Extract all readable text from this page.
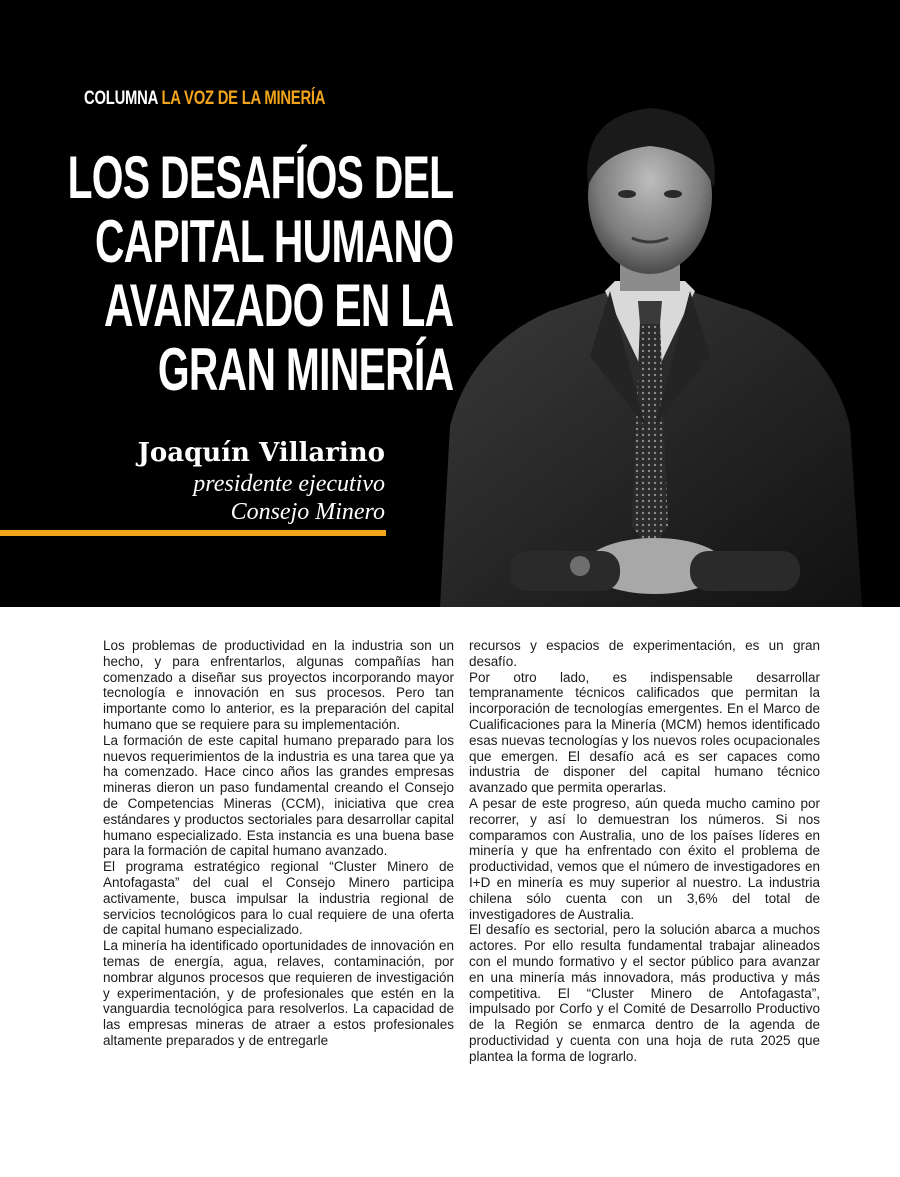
COLUMNA LA VOZ DE LA MINERÍA
LOS DESAFÍOS DEL
CAPITAL HUMANO
AVANZADO EN LA
GRAN MINERÍA
Joaquín Villarino
presidente ejecutivo
Consejo Minero

Los problemas de productividad en la industria son un hecho, y para enfrentarlos, algunas compañías han comenzado a diseñar sus proyectos incorporando mayor tecnología e innovación en sus procesos. Pero tan importante como lo anterior, es la preparación del capital humano que se requiere para su implementación.

La formación de este capital humano preparado para los nuevos requerimientos de la industria es una tarea que ya ha comenzado. Hace cinco años las grandes empresas mineras dieron un paso fundamental creando el Consejo de Competencias Mineras (CCM), iniciativa que crea estándares y productos sectoriales para desarrollar capital humano especializado. Esta instancia es una buena base para la formación de capital humano avanzado.

El programa estratégico regional “Cluster Minero de Antofagasta” del cual el Consejo Minero participa activamente, busca impulsar la industria regional de servicios tecnológicos para lo cual requiere de una oferta de capital humano especializado.

La minería ha identificado oportunidades de innovación en temas de energía, agua, relaves, contaminación, por nombrar algunos procesos que requieren de investigación y experimentación, y de profesionales que estén en la vanguardia tecnológica para resolverlos. La capacidad de las empresas mineras de atraer a estos profesionales altamente preparados y de entregarle

recursos y espacios de experimentación, es un gran desafío.

Por otro lado, es indispensable desarrollar tempranamente técnicos calificados que permitan la incorporación de tecnologías emergentes. En el Marco de Cualificaciones para la Minería (MCM) hemos identificado esas nuevas tecnologías y los nuevos roles ocupacionales que emergen. El desafío acá es ser capaces como industria de disponer del capital humano técnico avanzado que permita operarlas.

A pesar de este progreso, aún queda mucho camino por recorrer, y así lo demuestran los números. Si nos comparamos con Australia, uno de los países líderes en minería y que ha enfrentado con éxito el problema de productividad, vemos que el número de investigadores en I+D en minería es muy superior al nuestro. La industria chilena sólo cuenta con un 3,6% del total de investigadores de Australia.

El desafío es sectorial, pero la solución abarca a muchos actores. Por ello resulta fundamental trabajar alineados con el mundo formativo y el sector público para avanzar en una minería más innovadora, más productiva y más competitiva. El “Cluster Minero de Antofagasta”, impulsado por Corfo y el Comité de Desarrollo Productivo de la Región se enmarca dentro de la agenda de productividad y cuenta con una hoja de ruta 2025 que plantea la forma de lograrlo.
